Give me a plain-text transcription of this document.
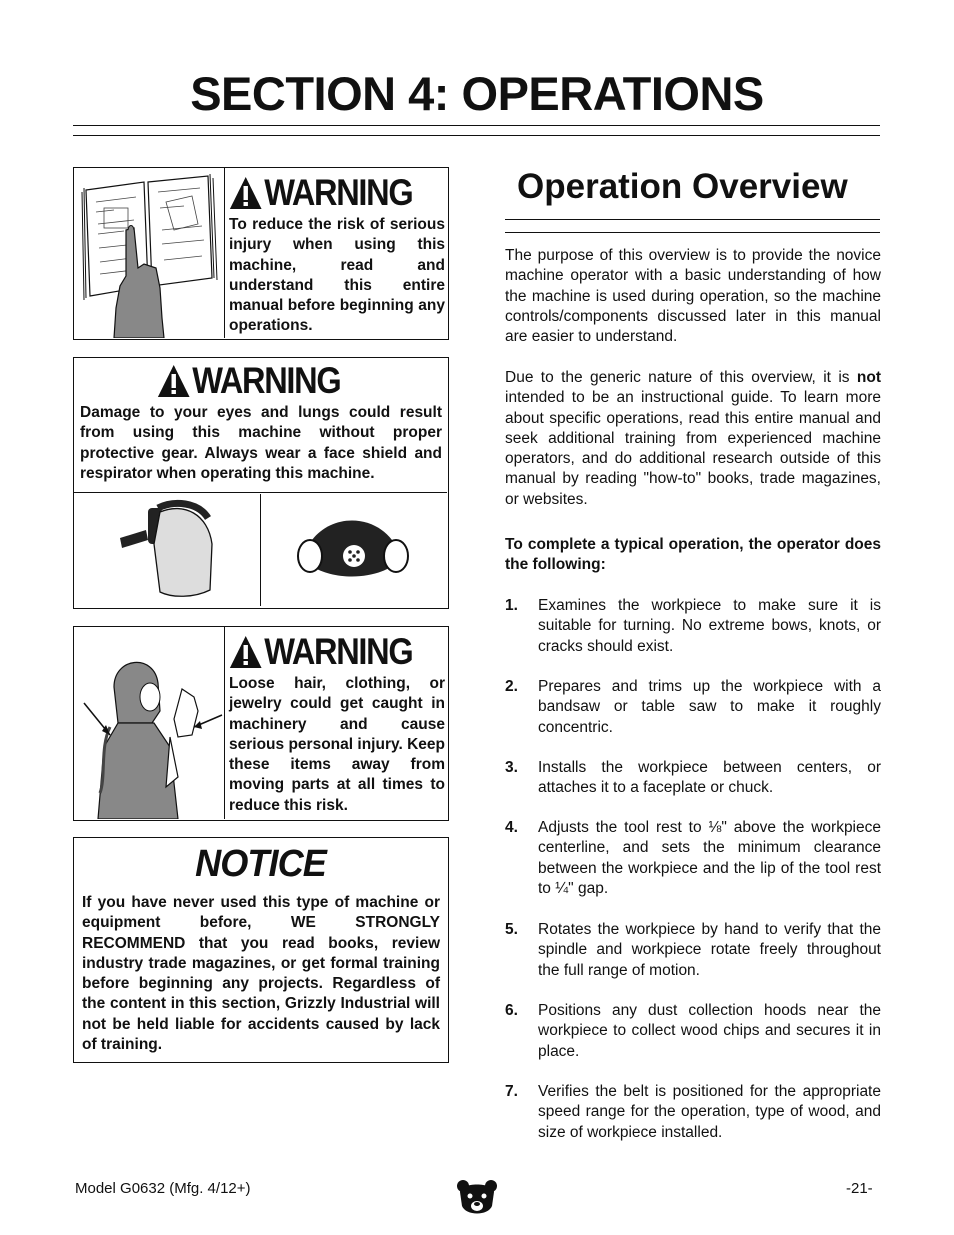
SECTION 4: OPERATIONS
WARNING
To reduce the risk of serious injury when using this machine, read and understand this entire manual before beginning any operations.
WARNING
Damage to your eyes and lungs could result from using this machine without proper protective gear. Always wear a face shield and respirator when operating this machine.
WARNING
Loose hair, clothing, or jewelry could get caught in machinery and cause serious personal injury. Keep these items away from moving parts at all times to reduce this risk.
NOTICE
If you have never used this type of machine or equipment before, WE STRONGLY RECOMMEND that you read books, review industry trade magazines, or get formal training before beginning any projects. Regardless of the content in this section, Grizzly Industrial will not be held liable for accidents caused by lack of training.
Operation Overview

The purpose of this overview is to provide the novice machine operator with a basic understanding of how the machine is used during operation, so the machine controls/components discussed later in this manual are easier to understand.

Due to the generic nature of this overview, it is not intended to be an instructional guide. To learn more about specific operations, read this entire manual and seek additional training from experienced machine operators, and do additional research outside of this manual by reading "how-to" books, trade magazines, or websites.

To complete a typical operation, the operator does the following:

1. Examines the workpiece to make sure it is suitable for turning. No extreme bows, knots, or cracks should exist.
2. Prepares and trims up the workpiece with a bandsaw or table saw to make it roughly concentric.
3. Installs the workpiece between centers, or attaches it to a faceplate or chuck.
4. Adjusts the tool rest to ⅛" above the workpiece centerline, and sets the minimum clearance between the workpiece and the lip of the tool rest to ¼" gap.
5. Rotates the workpiece by hand to verify that the spindle and workpiece rotate freely throughout the full range of motion.
6. Positions any dust collection hoods near the workpiece to collect wood chips and secures it in place.
7. Verifies the belt is positioned for the appropriate speed range for the operation, type of wood, and size of workpiece installed.
Model G0632 (Mfg. 4/12+)	-21-
